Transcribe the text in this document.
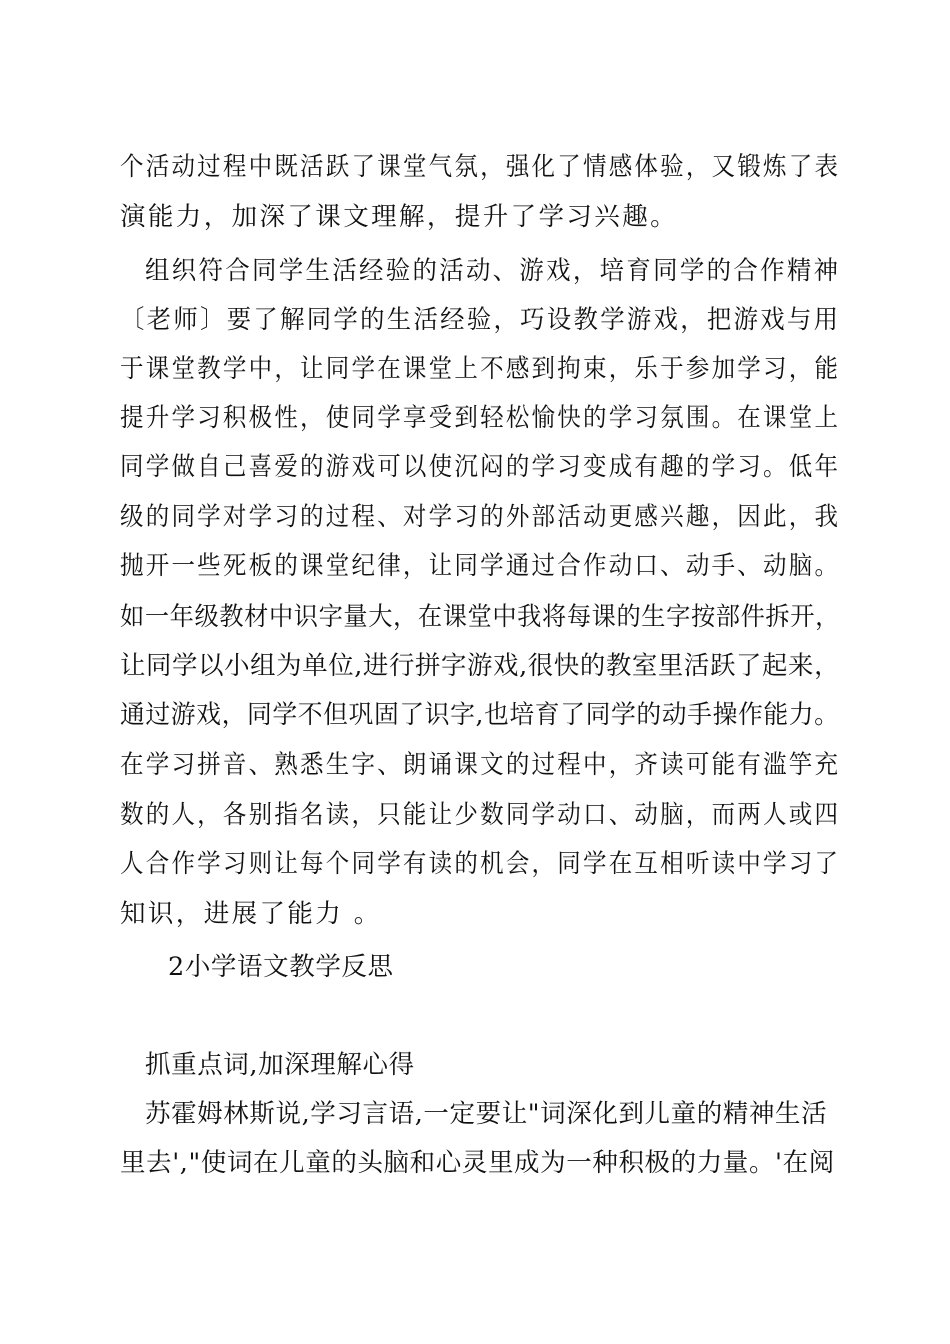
个活动过程中既活跃了课堂气氛，强化了情感体验，又锻炼了表
演能力，加深了课文理解，提升了学习兴趣。
组织符合同学生活经验的活动、游戏，培育同学的合作精神
〔老师〕要了解同学的生活经验，巧设教学游戏，把游戏与用
于课堂教学中，让同学在课堂上不感到拘束，乐于参加学习，能
提升学习积极性，使同学享受到轻松愉快的学习氛围。在课堂上
同学做自己喜爱的游戏可以使沉闷的学习变成有趣的学习。低年
级的同学对学习的过程、对学习的外部活动更感兴趣，因此，我
抛开一些死板的课堂纪律，让同学通过合作动口、动手、动脑。
如一年级教材中识字量大，在课堂中我将每课的生字按部件拆开，
让同学以小组为单位,进行拼字游戏,很快的教室里活跃了起来，
通过游戏，同学不但巩固了识字,也培育了同学的动手操作能力。
在学习拼音、熟悉生字、朗诵课文的过程中，齐读可能有滥竽充
数的人，各别指名读，只能让少数同学动口、动脑，而两人或四
人合作学习则让每个同学有读的机会，同学在互相听读中学习了
知识，进展了能力 。
2小学语文教学反思
抓重点词,加深理解心得
苏霍姆林斯说,学习言语,一定要让"词深化到儿童的精神生活
里去',"使词在儿童的头脑和心灵里成为一种积极的力量。'在阅
